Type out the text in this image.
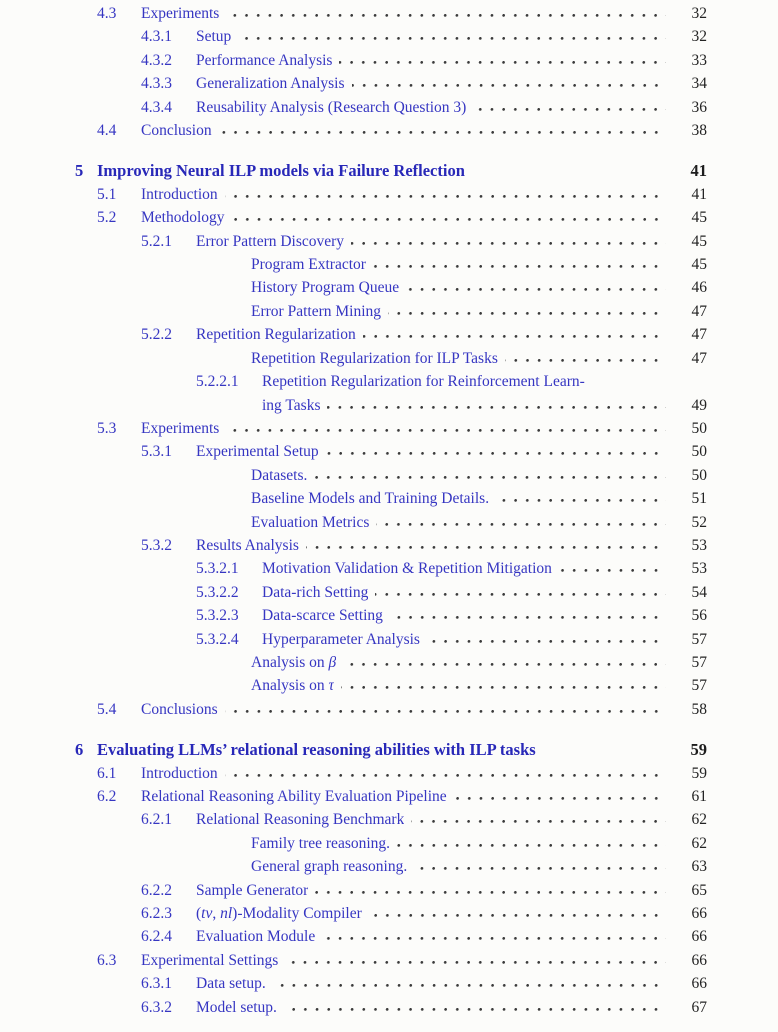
4.3	Experiments	32
4.3.1	Setup	32
4.3.2	Performance Analysis	33
4.3.3	Generalization Analysis	34
4.3.4	Reusability Analysis (Research Question 3)	36
4.4	Conclusion	38
5 Improving Neural ILP models via Failure Reflection	41
5.1	Introduction	41
5.2	Methodology	45
5.2.1	Error Pattern Discovery	45
Program Extractor	45
History Program Queue	46
Error Pattern Mining	47
5.2.2	Repetition Regularization	47
Repetition Regularization for ILP Tasks	47
5.2.2.1	Repetition Regularization for Reinforcement Learn-
ing Tasks	49
5.3	Experiments	50
5.3.1	Experimental Setup	50
Datasets.	50
Baseline Models and Training Details.	51
Evaluation Metrics	52
5.3.2	Results Analysis	53
5.3.2.1	Motivation Validation & Repetition Mitigation	53
5.3.2.2	Data-rich Setting	54
5.3.2.3	Data-scarce Setting	56
5.3.2.4	Hyperparameter Analysis	57
Analysis on β	57
Analysis on τ	57
5.4	Conclusions	58
6 Evaluating LLMs’ relational reasoning abilities with ILP tasks	59
6.1	Introduction	59
6.2	Relational Reasoning Ability Evaluation Pipeline	61
6.2.1	Relational Reasoning Benchmark	62
Family tree reasoning.	62
General graph reasoning.	63
6.2.2	Sample Generator	65
6.2.3	(tv, nl)-Modality Compiler	66
6.2.4	Evaluation Module	66
6.3	Experimental Settings	66
6.3.1	Data setup.	66
6.3.2	Model setup.	67
